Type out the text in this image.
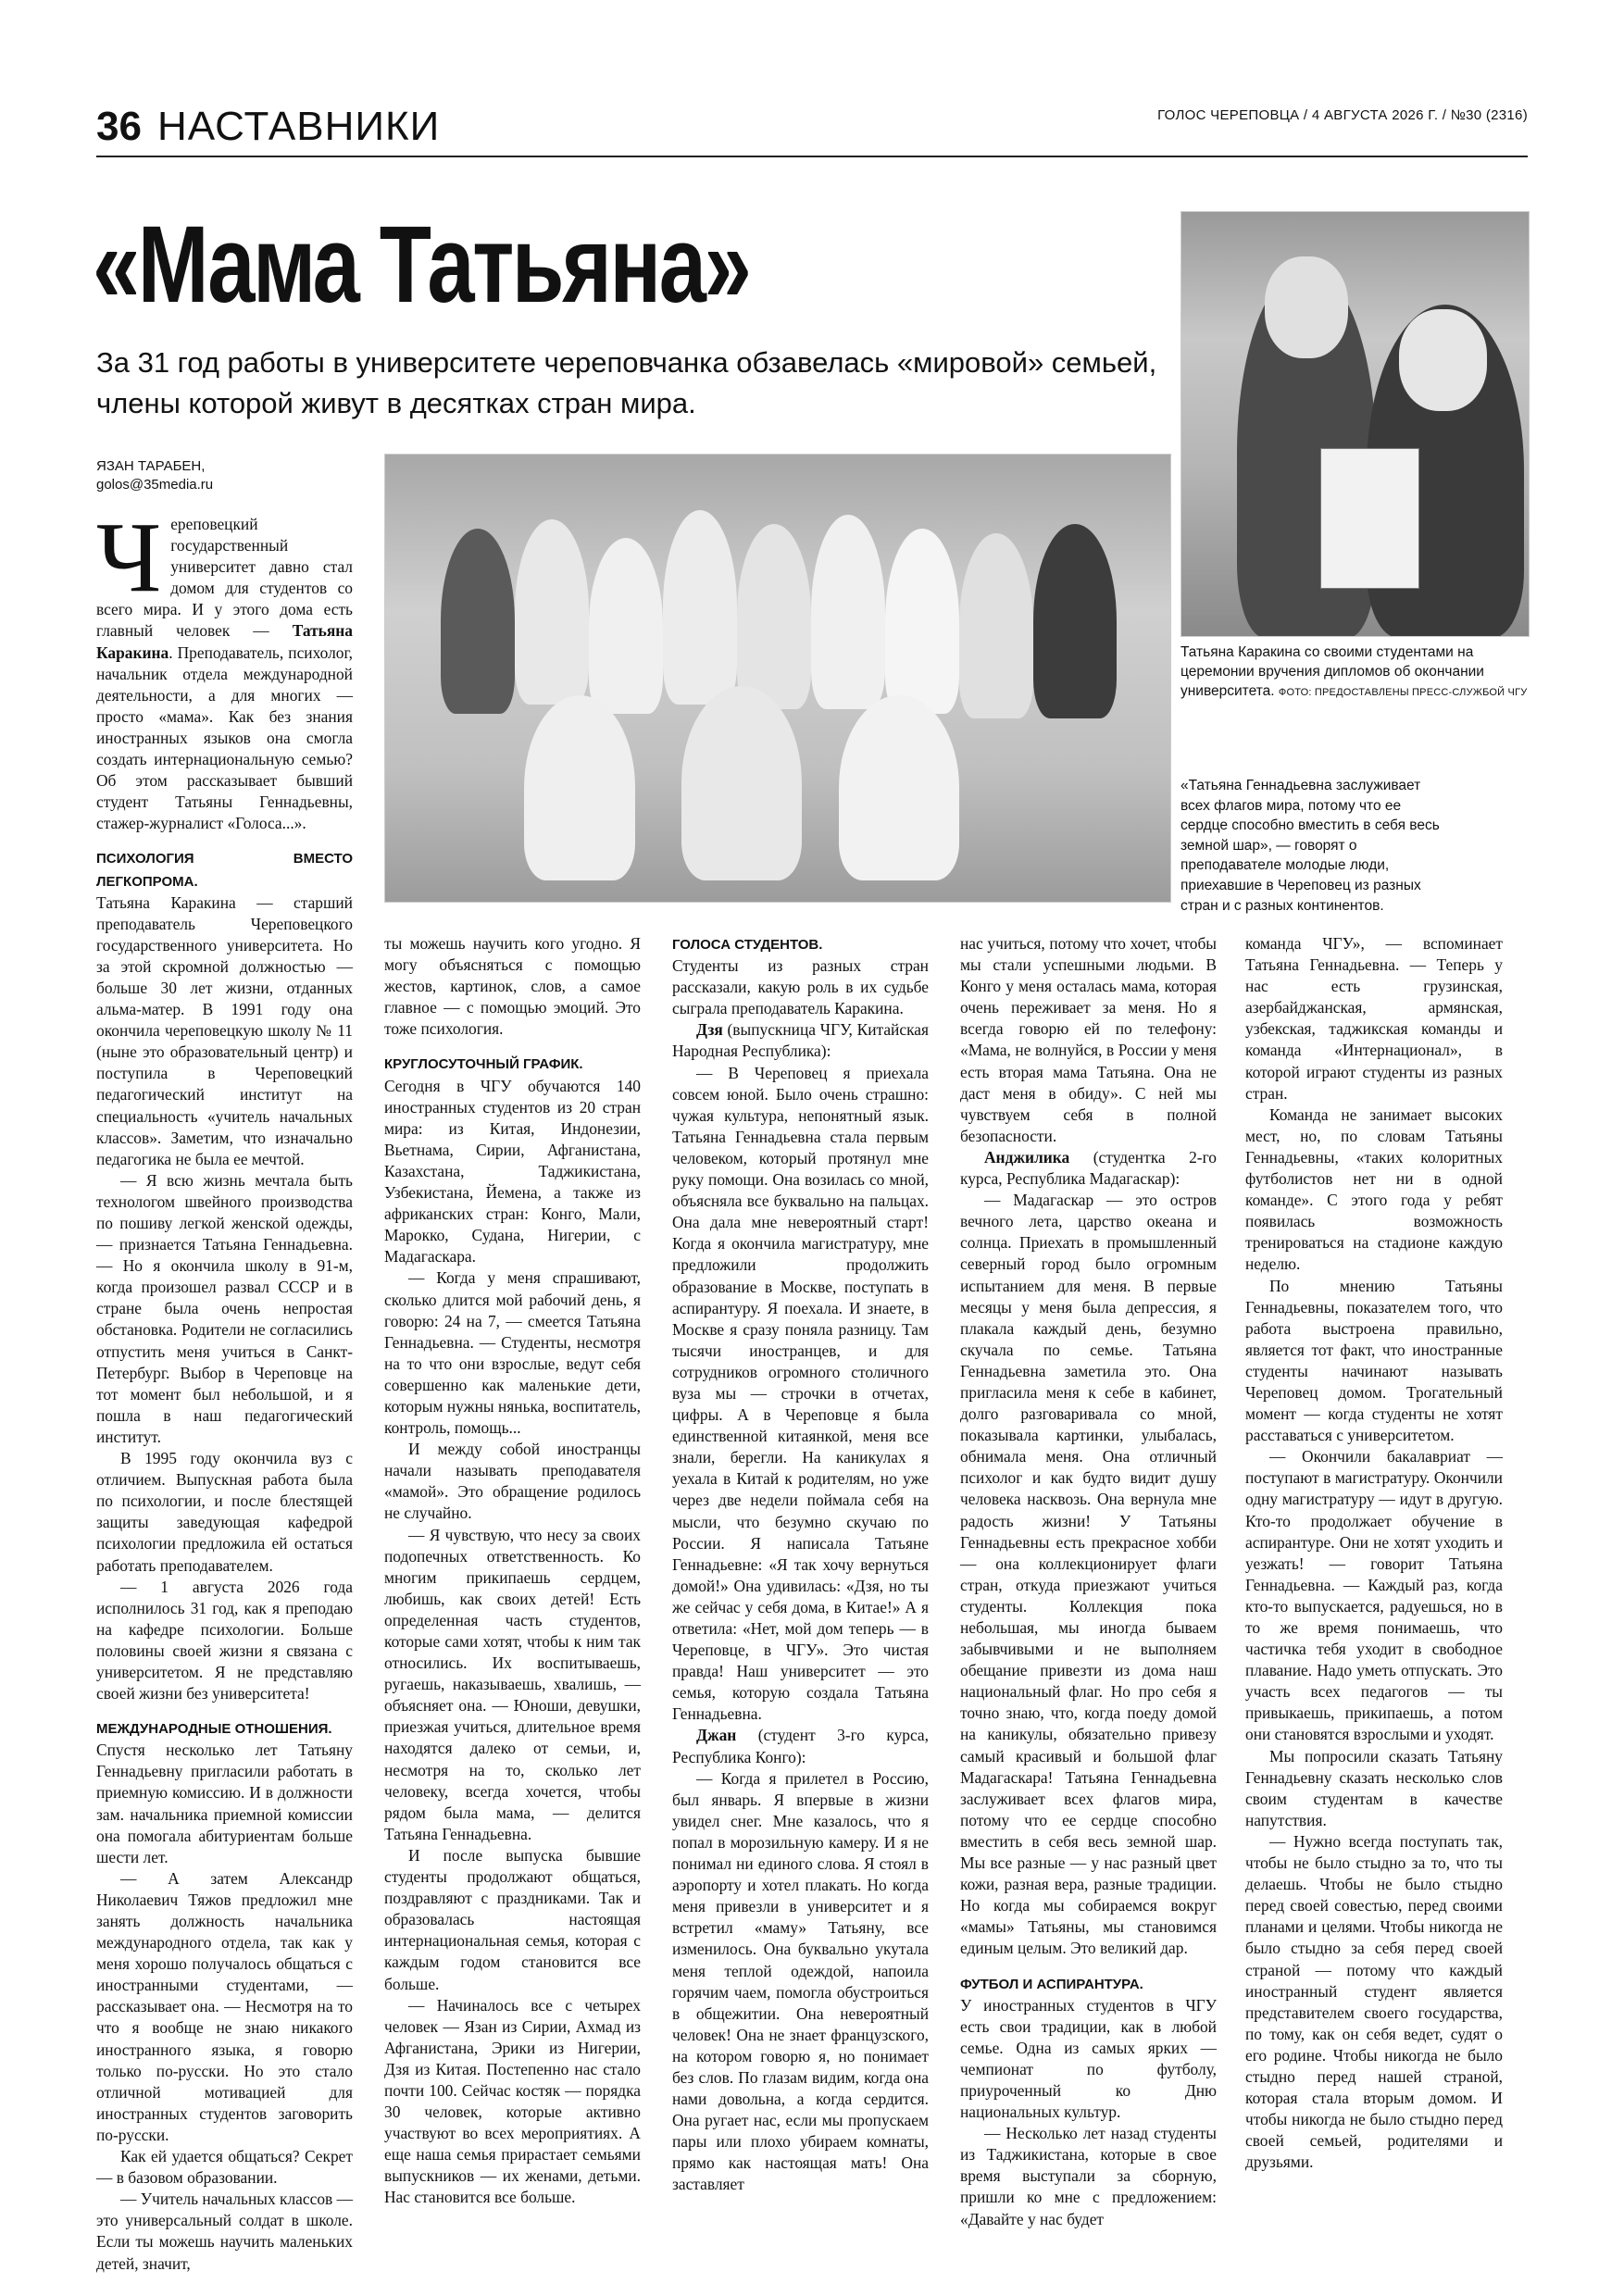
36 НАСТАВНИКИ	ГОЛОС ЧЕРЕПОВЦА / 4 АВГУСТА 2026 Г. / №30 (2316)
«Мама Татьяна»
За 31 год работы в университете череповчанка обзавелась «мировой» семьей, члены которой живут в десятках стран мира.
ЯЗАН ТАРАБЕН,
golos@35media.ru
Татьяна Каракина со своими студентами на церемонии вручения дипломов об окончании университета. ФОТО: ПРЕДОСТАВЛЕНЫ ПРЕСС-СЛУЖБОЙ ЧГУ
«Татьяна Геннадьевна заслуживает всех флагов мира, потому что ее сердце способно вместить в себя весь земной шар», — говорят о преподавателе молодые люди, приехавшие в Череповец из разных стран и с разных континентов.

Череповецкий государственный университет давно стал домом для студентов со всего мира. И у этого дома есть главный человек — Татьяна Каракина. Преподаватель, психолог, начальник отдела международной деятельности, а для многих — просто «мама». Как без знания иностранных языков она смогла создать интернациональную семью? Об этом рассказывает бывший студент Татьяны Геннадьевны, стажер-журналист «Голоса...».

ПСИХОЛОГИЯ ВМЕСТО ЛЕГКОПРОМА.

Татьяна Каракина — старший преподаватель Череповецкого государственного университета. Но за этой скромной должностью — больше 30 лет жизни, отданных альма-матер. В 1991 году она окончила череповецкую школу № 11 (ныне это образовательный центр) и поступила в Череповецкий педагогический институт на специальность «учитель начальных классов». Заметим, что изначально педагогика не была ее мечтой.

— Я всю жизнь мечтала быть технологом швейного производства по пошиву легкой женской одежды, — признается Татьяна Геннадьевна. — Но я окончила школу в 91-м, когда произошел развал СССР и в стране была очень непростая обстановка. Родители не согласились отпустить меня учиться в Санкт-Петербург. Выбор в Череповце на тот момент был небольшой, и я пошла в наш педагогический институт.

В 1995 году окончила вуз с отличием. Выпускная работа была по психологии, и после блестящей защиты заведующая кафедрой психологии предложила ей остаться работать преподавателем.

— 1 августа 2026 года исполнилось 31 год, как я преподаю на кафедре психологии. Больше половины своей жизни я связана с университетом. Я не представляю своей жизни без университета!

МЕЖДУНАРОДНЫЕ ОТНОШЕНИЯ.

Спустя несколько лет Татьяну Геннадьевну пригласили работать в приемную комиссию. И в должности зам. начальника приемной комиссии она помогала абитуриентам больше шести лет.

— А затем Александр Николаевич Тяжов предложил мне занять должность начальника международного отдела, так как у меня хорошо получалось общаться с иностранными студентами, — рассказывает она. — Несмотря на то что я вообще не знаю никакого иностранного языка, я говорю только по-русски. Но это стало отличной мотивацией для иностранных студентов заговорить по-русски.

Как ей удается общаться? Секрет — в базовом образовании.

— Учитель начальных классов — это универсальный солдат в школе. Если ты можешь научить маленьких детей, значит,

ты можешь научить кого угодно. Я могу объясняться с помощью жестов, картинок, слов, а самое главное — с помощью эмоций. Это тоже психология.

КРУГЛОСУТОЧНЫЙ ГРАФИК.

Сегодня в ЧГУ обучаются 140 иностранных студентов из 20 стран мира: из Китая, Индонезии, Вьетнама, Сирии, Афганистана, Казахстана, Таджикистана, Узбекистана, Йемена, а также из африканских стран: Конго, Мали, Марокко, Судана, Нигерии, с Мадагаскара.

— Когда у меня спрашивают, сколько длится мой рабочий день, я говорю: 24 на 7, — смеется Татьяна Геннадьевна. — Студенты, несмотря на то что они взрослые, ведут себя совершенно как маленькие дети, которым нужны нянька, воспитатель, контроль, помощь...

И между собой иностранцы начали называть преподавателя «мамой». Это обращение родилось не случайно.

— Я чувствую, что несу за своих подопечных ответственность. Ко многим прикипаешь сердцем, любишь, как своих детей! Есть определенная часть студентов, которые сами хотят, чтобы к ним так относились. Их воспитываешь, ругаешь, наказываешь, хвалишь, — объясняет она. — Юноши, девушки, приезжая учиться, длительное время находятся далеко от семьи, и, несмотря на то, сколько лет человеку, всегда хочется, чтобы рядом была мама, — делится Татьяна Геннадьевна.

И после выпуска бывшие студенты продолжают общаться, поздравляют с праздниками. Так и образовалась настоящая интернациональная семья, которая с каждым годом становится все больше.

— Начиналось все с четырех человек — Язан из Сирии, Ахмад из Афганистана, Эрики из Нигерии, Дзя из Китая. Постепенно нас стало почти 100. Сейчас костяк — порядка 30 человек, которые активно участвуют во всех мероприятиях. А еще наша семья прирастает семьями выпускников — их женами, детьми. Нас становится все больше.

ГОЛОСА СТУДЕНТОВ.

Студенты из разных стран рассказали, какую роль в их судьбе сыграла преподаватель Каракина.

Дзя (выпускница ЧГУ, Китайская Народная Республика):

— В Череповец я приехала совсем юной. Было очень страшно: чужая культура, непонятный язык. Татьяна Геннадьевна стала первым человеком, который протянул мне руку помощи. Она возилась со мной, объясняла все буквально на пальцах. Она дала мне невероятный старт! Когда я окончила магистратуру, мне предложили продолжить образование в Москве, поступать в аспирантуру. Я поехала. И знаете, в Москве я сразу поняла разницу. Там тысячи иностранцев, и для сотрудников огромного столичного вуза мы — строчки в отчетах, цифры. А в Череповце я была единственной китаянкой, меня все знали, берегли. На каникулах я уехала в Китай к родителям, но уже через две недели поймала себя на мысли, что безумно скучаю по России. Я написала Татьяне Геннадьевне: «Я так хочу вернуться домой!» Она удивилась: «Дзя, но ты же сейчас у себя дома, в Китае!» А я ответила: «Нет, мой дом теперь — в Череповце, в ЧГУ». Это чистая правда! Наш университет — это семья, которую создала Татьяна Геннадьевна.

Джан (студент 3-го курса, Республика Конго):

— Когда я прилетел в Россию, был январь. Я впервые в жизни увидел снег. Мне казалось, что я попал в морозильную камеру. И я не понимал ни единого слова. Я стоял в аэропорту и хотел плакать. Но когда меня привезли в университет и я встретил «маму» Татьяну, все изменилось. Она буквально укутала меня теплой одеждой, напоила горячим чаем, помогла обустроиться в общежитии. Она невероятный человек! Она не знает французского, на котором говорю я, но понимает без слов. По глазам видим, когда она нами довольна, а когда сердится. Она ругает нас, если мы пропускаем пары или плохо убираем комнаты, прямо как настоящая мать! Она заставляет

нас учиться, потому что хочет, чтобы мы стали успешными людьми. В Конго у меня осталась мама, которая очень переживает за меня. Но я всегда говорю ей по телефону: «Мама, не волнуйся, в России у меня есть вторая мама Татьяна. Она не даст меня в обиду». С ней мы чувствуем себя в полной безопасности.

Анджилика (студентка 2-го курса, Республика Мадагаскар):

— Мадагаскар — это остров вечного лета, царство океана и солнца. Приехать в промышленный северный город было огромным испытанием для меня. В первые месяцы у меня была депрессия, я плакала каждый день, безумно скучала по семье. Татьяна Геннадьевна заметила это. Она пригласила меня к себе в кабинет, долго разговаривала со мной, показывала картинки, улыбалась, обнимала меня. Она отличный психолог и как будто видит душу человека насквозь. Она вернула мне радость жизни! У Татьяны Геннадьевны есть прекрасное хобби — она коллекционирует флаги стран, откуда приезжают учиться студенты. Коллекция пока небольшая, мы иногда бываем забывчивыми и не выполняем обещание привезти из дома наш национальный флаг. Но про себя я точно знаю, что, когда поеду домой на каникулы, обязательно привезу самый красивый и большой флаг Мадагаскара! Татьяна Геннадьевна заслуживает всех флагов мира, потому что ее сердце способно вместить в себя весь земной шар. Мы все разные — у нас разный цвет кожи, разная вера, разные традиции. Но когда мы собираемся вокруг «мамы» Татьяны, мы становимся единым целым. Это великий дар.

ФУТБОЛ И АСПИРАНТУРА.

У иностранных студентов в ЧГУ есть свои традиции, как в любой семье. Одна из самых ярких — чемпионат по футболу, приуроченный ко Дню национальных культур.

— Несколько лет назад студенты из Таджикистана, которые в свое время выступали за сборную, пришли ко мне с предложением: «Давайте у нас будет

команда ЧГУ», — вспоминает Татьяна Геннадьевна. — Теперь у нас есть грузинская, азербайджанская, армянская, узбекская, таджикская команды и команда «Интернационал», в которой играют студенты из разных стран.

Команда не занимает высоких мест, но, по словам Татьяны Геннадьевны, «таких колоритных футболистов нет ни в одной команде». С этого года у ребят появилась возможность тренироваться на стадионе каждую неделю.

По мнению Татьяны Геннадьевны, показателем того, что работа выстроена правильно, является тот факт, что иностранные студенты начинают называть Череповец домом. Трогательный момент — когда студенты не хотят расставаться с университетом.

— Окончили бакалавриат — поступают в магистратуру. Окончили одну магистратуру — идут в другую. Кто-то продолжает обучение в аспирантуре. Они не хотят уходить и уезжать! — говорит Татьяна Геннадьевна. — Каждый раз, когда кто-то выпускается, радуешься, но в то же время понимаешь, что частичка тебя уходит в свободное плавание. Надо уметь отпускать. Это участь всех педагогов — ты привыкаешь, прикипаешь, а потом они становятся взрослыми и уходят.

Мы попросили сказать Татьяну Геннадьевну сказать несколько слов своим студентам в качестве напутствия.

— Нужно всегда поступать так, чтобы не было стыдно за то, что ты делаешь. Чтобы не было стыдно перед своей совестью, перед своими планами и целями. Чтобы никогда не было стыдно за себя перед своей страной — потому что каждый иностранный студент является представителем своего государства, по тому, как он себя ведет, судят о его родине. Чтобы никогда не было стыдно перед нашей страной, которая стала вторым домом. И чтобы никогда не было стыдно перед своей семьей, родителями и друзьями.
